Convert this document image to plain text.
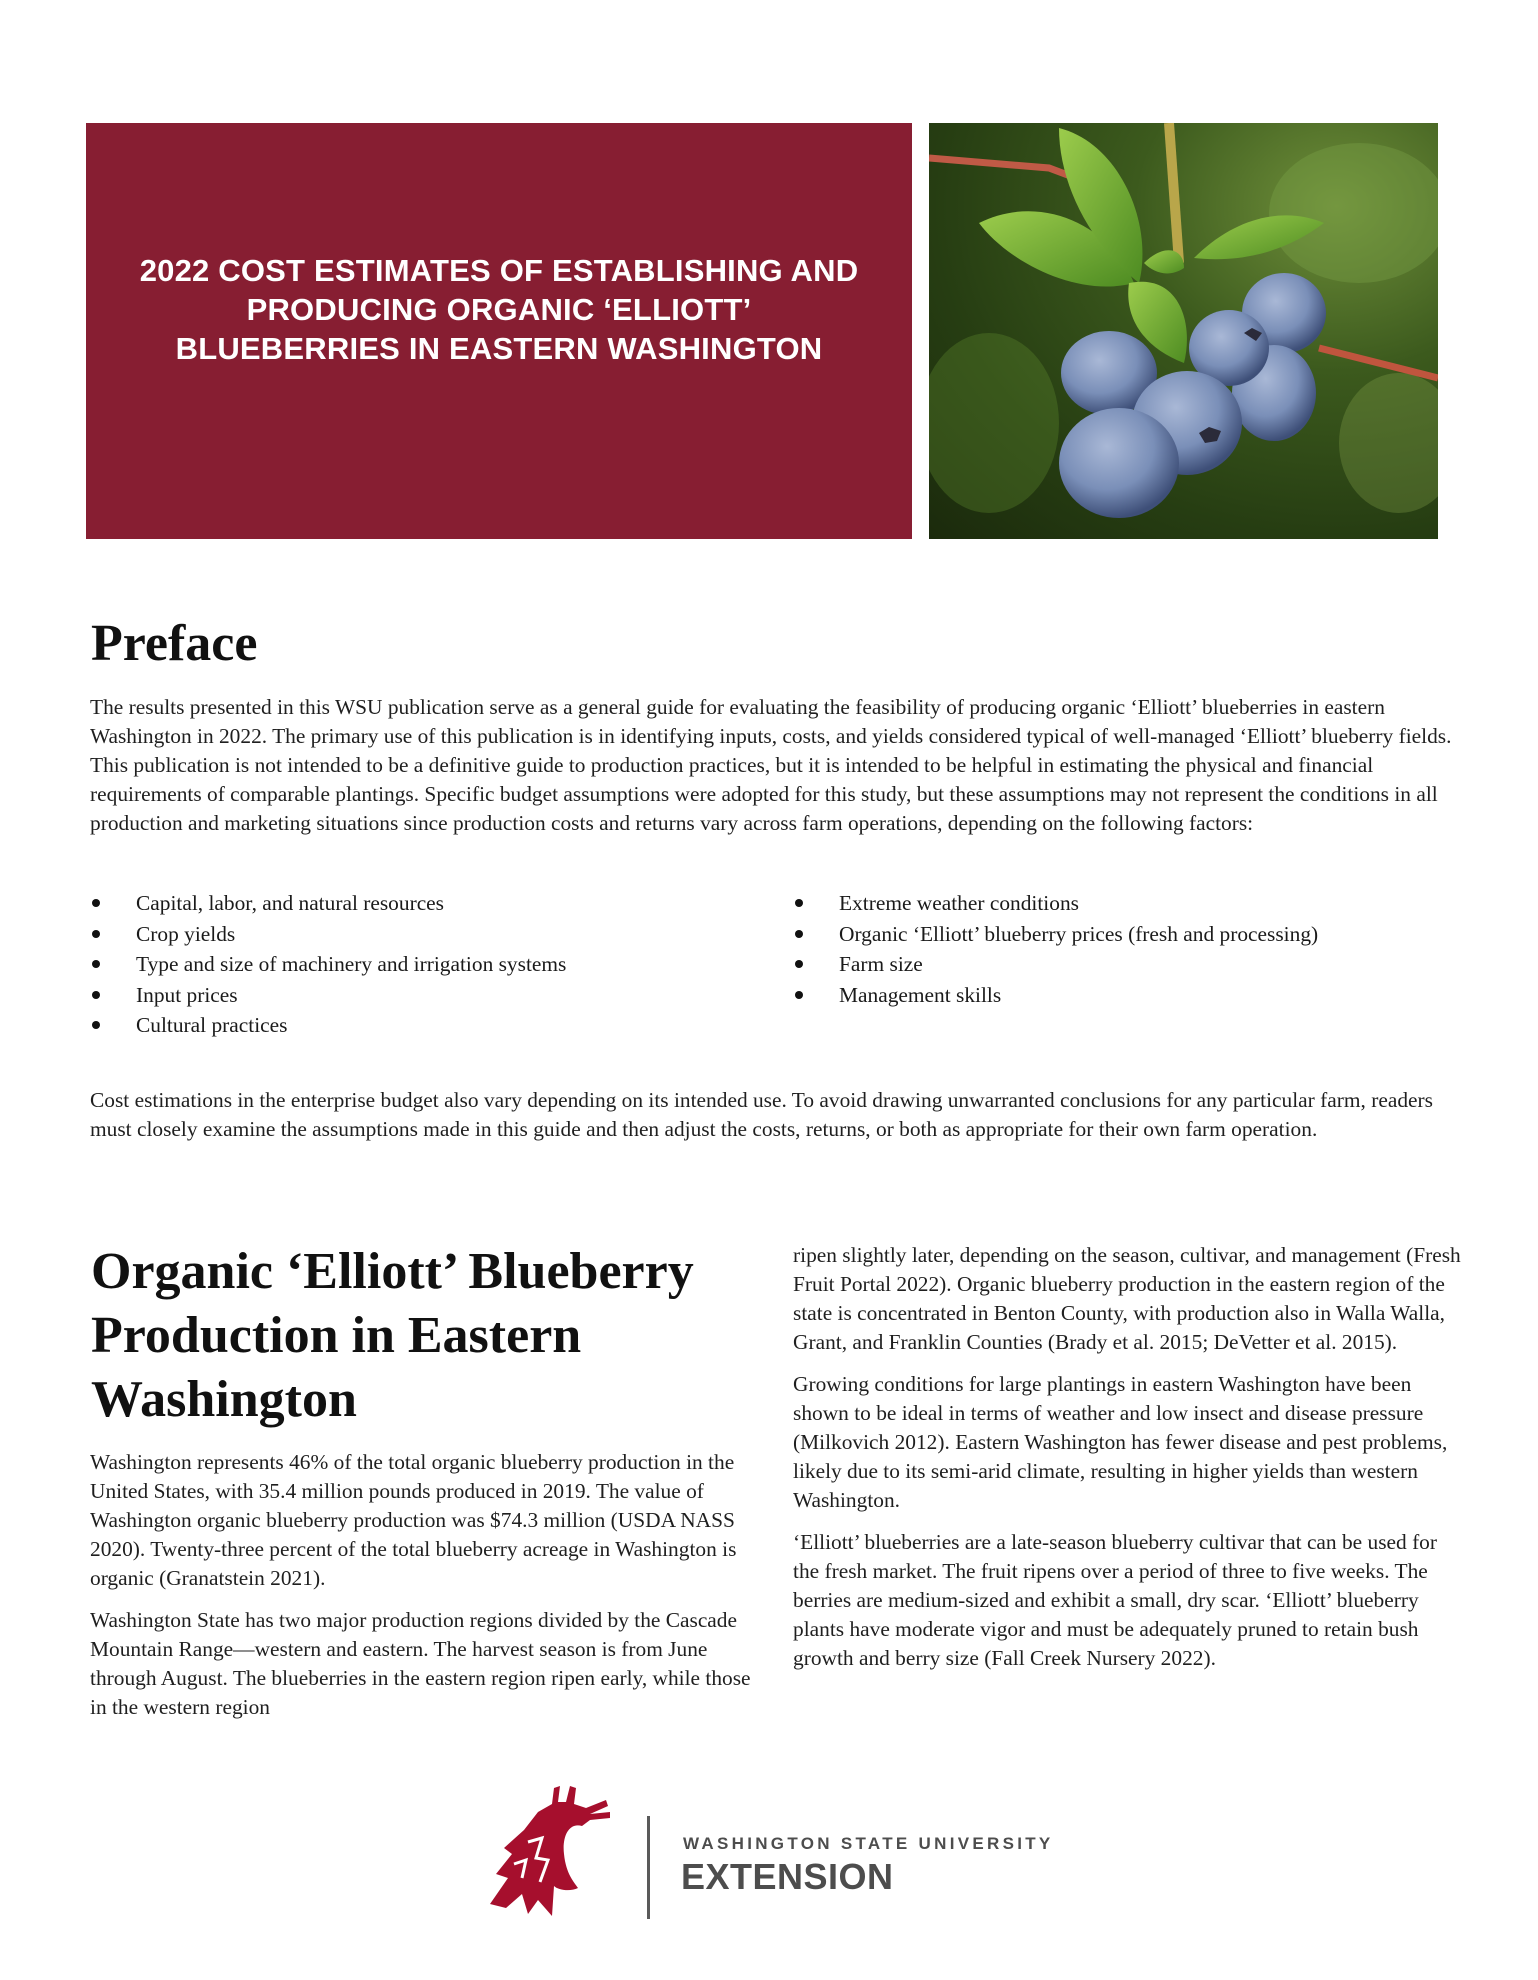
2022 COST ESTIMATES OF ESTABLISHING AND
PRODUCING ORGANIC ‘ELLIOTT’
BLUEBERRIES IN EASTERN WASHINGTON
Preface

The results presented in this WSU publication serve as a general guide for evaluating the feasibility of producing organic ‘Elliott’ blueberries in eastern Washington in 2022. The primary use of this publication is in identifying inputs, costs, and yields considered typical of well-managed ‘Elliott’ blueberry fields. This publication is not intended to be a definitive guide to production practices, but it is intended to be helpful in estimating the physical and financial requirements of comparable plantings. Specific budget assumptions were adopted for this study, but these assumptions may not represent the conditions in all production and marketing situations since production costs and returns vary across farm operations, depending on the following factors:

Capital, labor, and natural resources
Crop yields
Type and size of machinery and irrigation systems
Input prices
Cultural practices
Extreme weather conditions
Organic ‘Elliott’ blueberry prices (fresh and processing)
Farm size
Management skills

Cost estimations in the enterprise budget also vary depending on its intended use. To avoid drawing unwarranted conclusions for any particular farm, readers must closely examine the assumptions made in this guide and then adjust the costs, returns, or both as appropriate for their own farm operation.

Organic ‘Elliott’ Blueberry Production in Eastern Washington

Washington represents 46% of the total organic blueberry production in the United States, with 35.4 million pounds produced in 2019. The value of Washington organic blueberry production was $74.3 million (USDA NASS 2020). Twenty-three percent of the total blueberry acreage in Washington is organic (Granatstein 2021).

Washington State has two major production regions divided by the Cascade Mountain Range—western and eastern. The harvest season is from June through August. The blueberries in the eastern region ripen early, while those in the western region

ripen slightly later, depending on the season, cultivar, and management (Fresh Fruit Portal 2022). Organic blueberry production in the eastern region of the state is concentrated in Benton County, with production also in Walla Walla, Grant, and Franklin Counties (Brady et al. 2015; DeVetter et al. 2015).

Growing conditions for large plantings in eastern Washington have been shown to be ideal in terms of weather and low insect and disease pressure (Milkovich 2012). Eastern Washington has fewer disease and pest problems, likely due to its semi-arid climate, resulting in higher yields than western Washington.

‘Elliott’ blueberries are a late-season blueberry cultivar that can be used for the fresh market. The fruit ripens over a period of three to five weeks. The berries are medium-sized and exhibit a small, dry scar. ‘Elliott’ blueberry plants have moderate vigor and must be adequately pruned to retain bush growth and berry size (Fall Creek Nursery 2022).

WASHINGTON STATE UNIVERSITY
EXTENSION
